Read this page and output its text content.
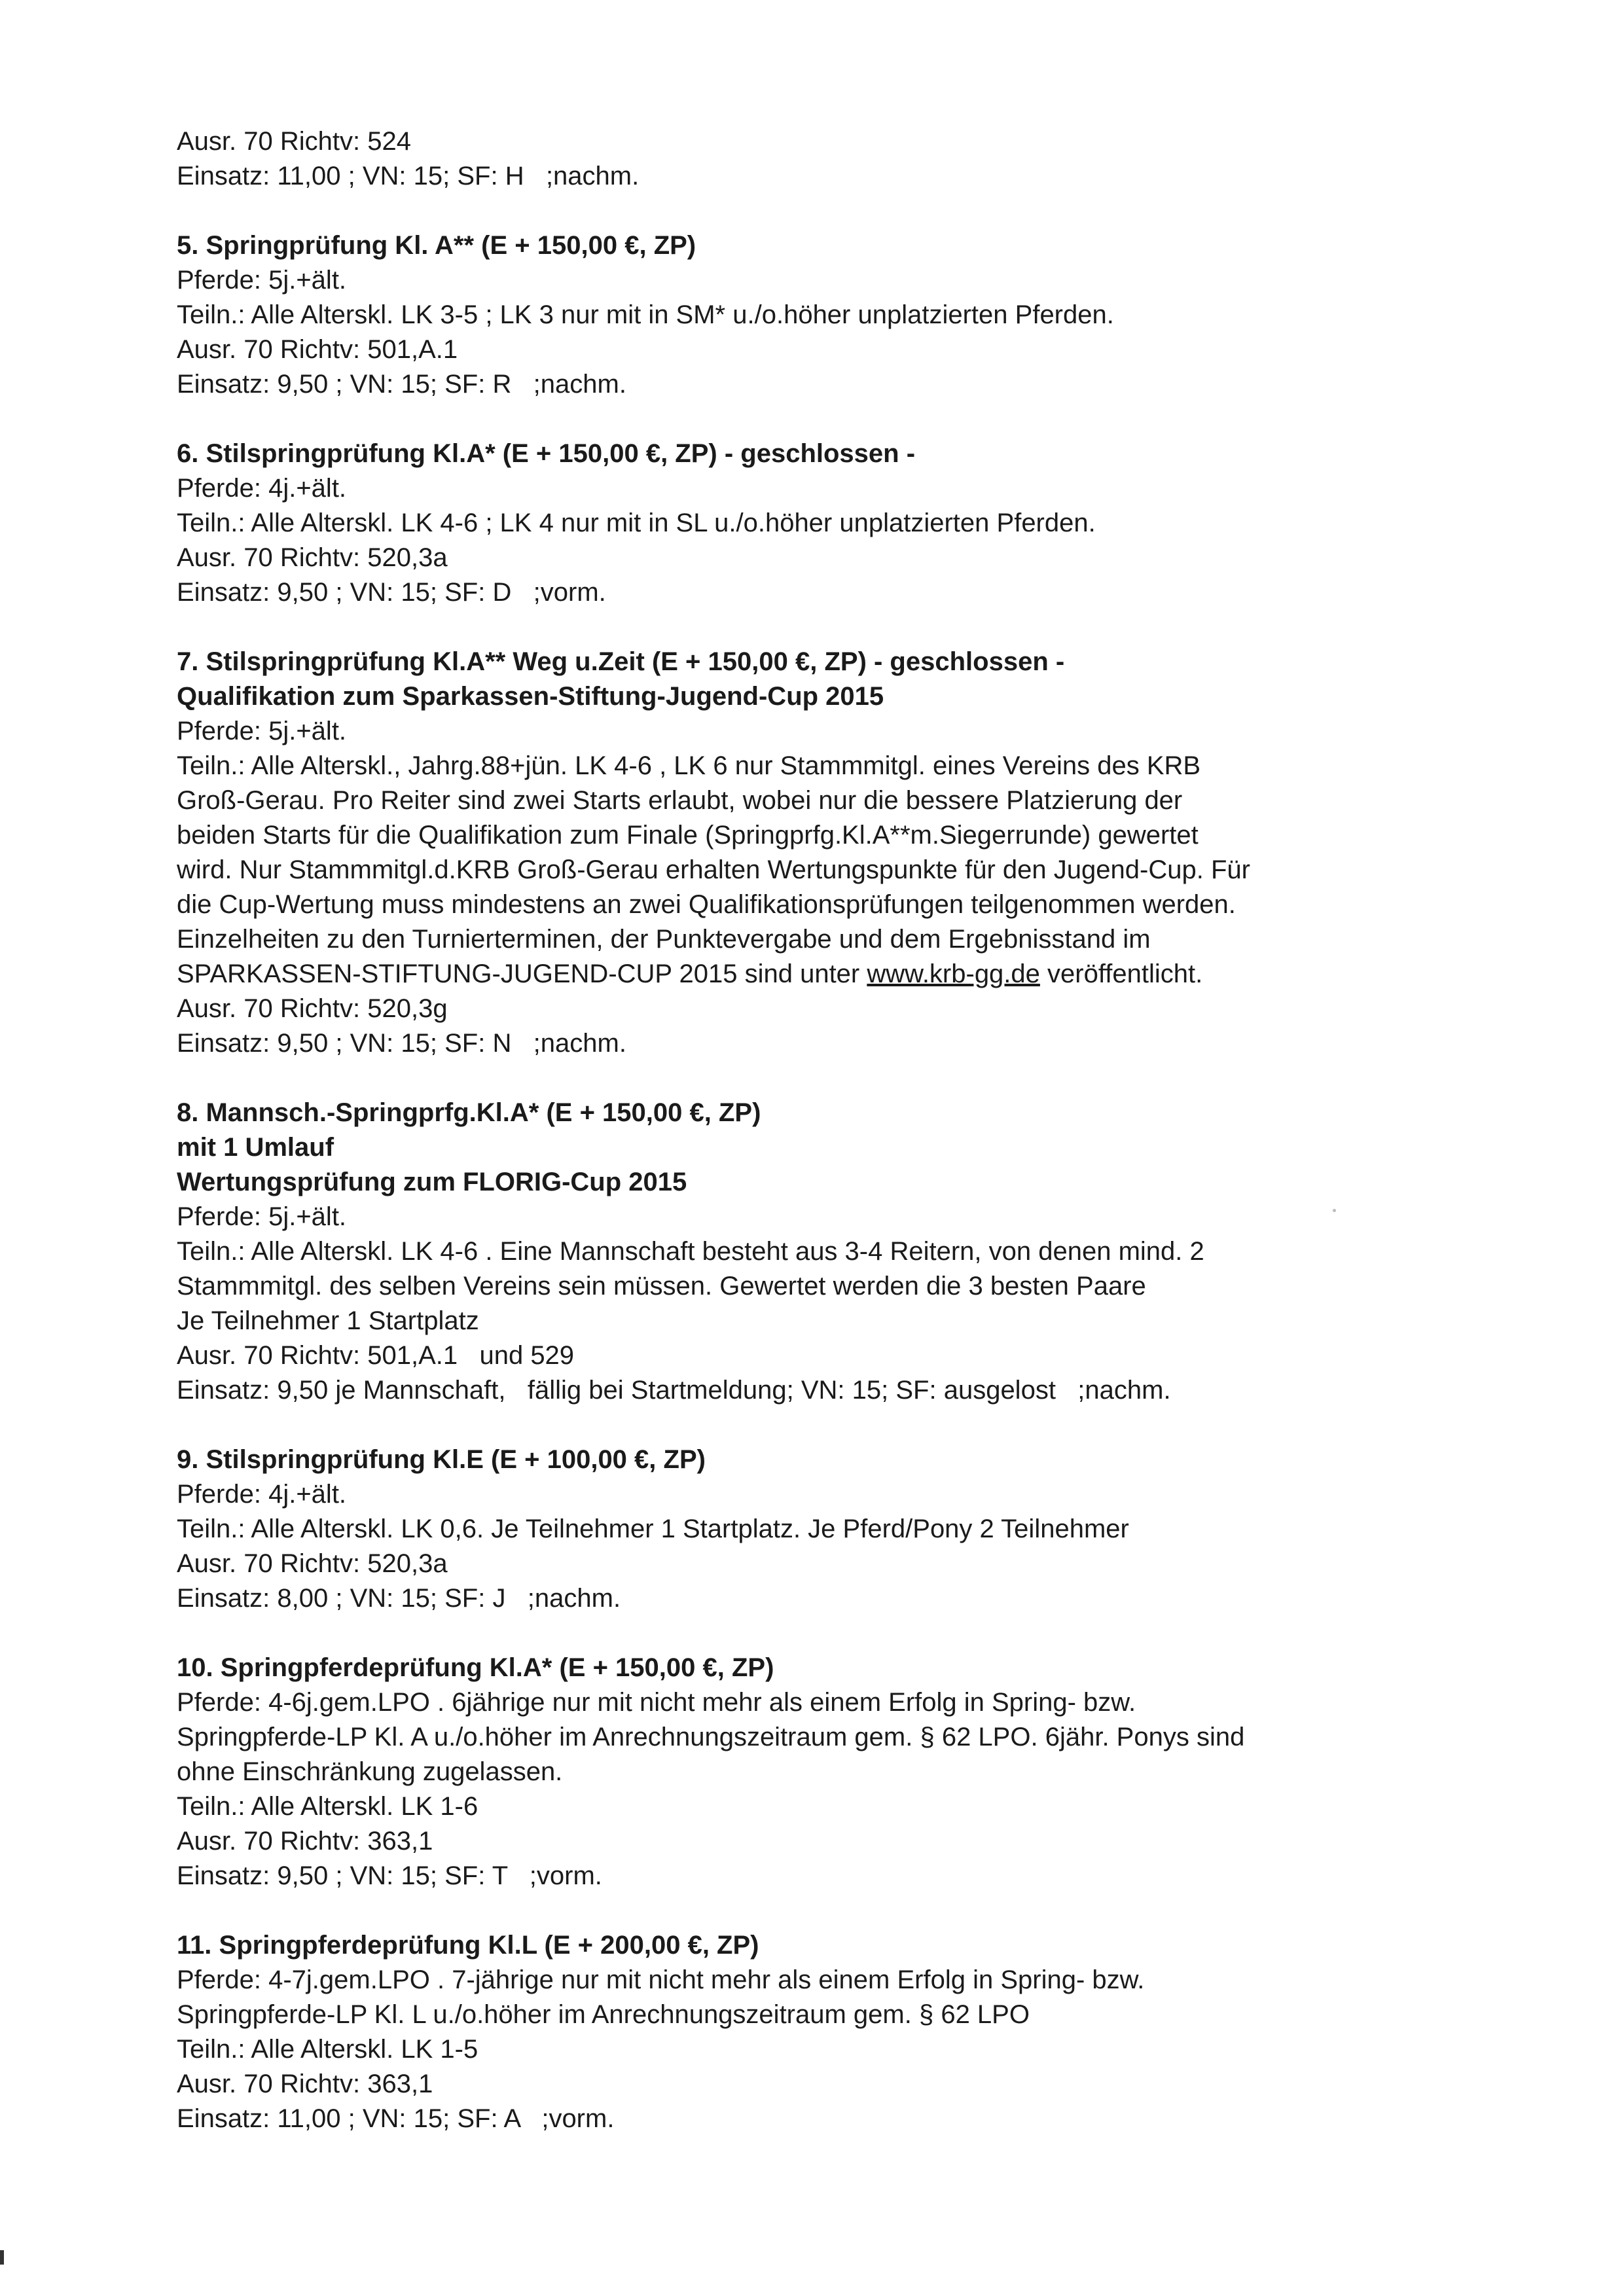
Ausr. 70 Richtv: 524
Einsatz: 11,00 ; VN: 15; SF: H   ;nachm.
5. Springprüfung Kl. A** (E + 150,00 €, ZP)
Pferde: 5j.+ält.
Teiln.: Alle Alterskl. LK 3-5 ; LK 3 nur mit in SM* u./o.höher unplatzierten Pferden.
Ausr. 70 Richtv: 501,A.1
Einsatz: 9,50 ; VN: 15; SF: R   ;nachm.
6. Stilspringprüfung Kl.A* (E + 150,00 €, ZP) - geschlossen -
Pferde: 4j.+ält.
Teiln.: Alle Alterskl. LK 4-6 ; LK 4 nur mit in SL u./o.höher unplatzierten Pferden.
Ausr. 70 Richtv: 520,3a
Einsatz: 9,50 ; VN: 15; SF: D   ;vorm.
7. Stilspringprüfung Kl.A** Weg u.Zeit (E + 150,00 €, ZP) - geschlossen -
Qualifikation zum Sparkassen-Stiftung-Jugend-Cup 2015
Pferde: 5j.+ält.
Teiln.: Alle Alterskl., Jahrg.88+jün. LK 4-6 , LK 6 nur Stammmitgl. eines Vereins des KRB
Groß-Gerau. Pro Reiter sind zwei Starts erlaubt, wobei nur die bessere Platzierung der
beiden Starts für die Qualifikation zum Finale (Springprfg.Kl.A**m.Siegerrunde) gewertet
wird. Nur Stammmitgl.d.KRB Groß-Gerau erhalten Wertungspunkte für den Jugend-Cup. Für
die Cup-Wertung muss mindestens an zwei Qualifikationsprüfungen teilgenommen werden.
Einzelheiten zu den Turnierterminen, der Punktevergabe und dem Ergebnisstand im
SPARKASSEN-STIFTUNG-JUGEND-CUP 2015 sind unter www.krb-gg.de veröffentlicht.
Ausr. 70 Richtv: 520,3g
Einsatz: 9,50 ; VN: 15; SF: N   ;nachm.
8. Mannsch.-Springprfg.Kl.A* (E + 150,00 €, ZP)
mit 1 Umlauf
Wertungsprüfung zum FLORIG-Cup 2015
Pferde: 5j.+ält.
Teiln.: Alle Alterskl. LK 4-6 . Eine Mannschaft besteht aus 3-4 Reitern, von denen mind. 2
Stammmitgl. des selben Vereins sein müssen. Gewertet werden die 3 besten Paare
Je Teilnehmer 1 Startplatz
Ausr. 70 Richtv: 501,A.1   und 529
Einsatz: 9,50 je Mannschaft,   fällig bei Startmeldung; VN: 15; SF: ausgelost   ;nachm.
9. Stilspringprüfung Kl.E (E + 100,00 €, ZP)
Pferde: 4j.+ält.
Teiln.: Alle Alterskl. LK 0,6. Je Teilnehmer 1 Startplatz. Je Pferd/Pony 2 Teilnehmer
Ausr. 70 Richtv: 520,3a
Einsatz: 8,00 ; VN: 15; SF: J   ;nachm.
10. Springpferdeprüfung Kl.A* (E + 150,00 €, ZP)
Pferde: 4-6j.gem.LPO . 6jährige nur mit nicht mehr als einem Erfolg in Spring- bzw.
Springpferde-LP Kl. A u./o.höher im Anrechnungszeitraum gem. § 62 LPO. 6jähr. Ponys sind
ohne Einschränkung zugelassen.
Teiln.: Alle Alterskl. LK 1-6
Ausr. 70 Richtv: 363,1
Einsatz: 9,50 ; VN: 15; SF: T   ;vorm.
11. Springpferdeprüfung Kl.L (E + 200,00 €, ZP)
Pferde: 4-7j.gem.LPO . 7-jährige nur mit nicht mehr als einem Erfolg in Spring- bzw.
Springpferde-LP Kl. L u./o.höher im Anrechnungszeitraum gem. § 62 LPO
Teiln.: Alle Alterskl. LK 1-5
Ausr. 70 Richtv: 363,1
Einsatz: 11,00 ; VN: 15; SF: A   ;vorm.
